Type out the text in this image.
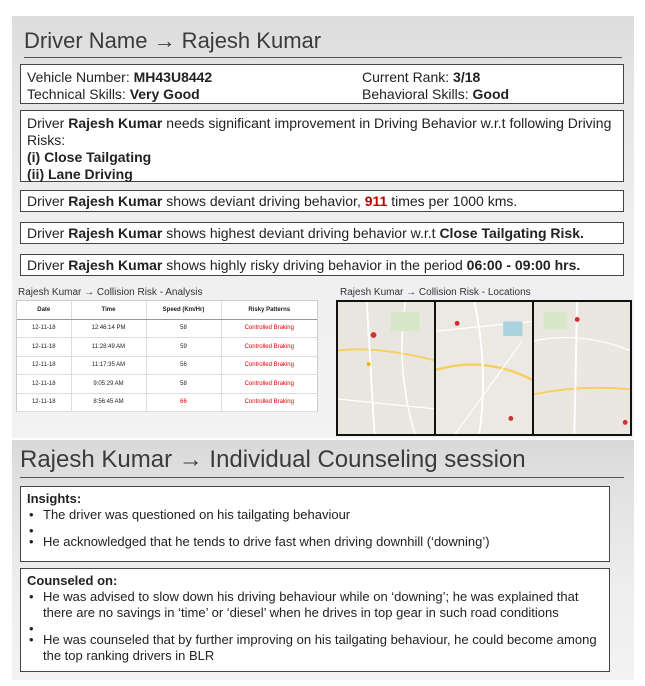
Driver Name → Rajesh Kumar
Vehicle Number: MH43U8442	Current Rank: 3/18
Technical Skills: Very Good	Behavioral Skills: Good
Driver Rajesh Kumar needs significant improvement in Driving Behavior w.r.t following Driving Risks:
(i) Close Tailgating
(ii) Lane Driving
Driver Rajesh Kumar shows deviant driving behavior, 911 times per 1000 kms.
Driver Rajesh Kumar shows highest deviant driving behavior w.r.t Close Tailgating Risk.
Driver Rajesh Kumar shows highly risky driving behavior in the period 06:00 - 09:00 hrs.
Rajesh Kumar → Collision Risk - Analysis	Rajesh Kumar → Collision Risk - Locations
Date	Time	Speed (Km/Hr)	Risky Patterns
12-11-18	12:46:14 PM	58	Controlled Braking
12-11-18	11:28:49 AM	59	Controlled Braking
12-11-18	11:17:35 AM	56	Controlled Braking
12-11-18	9:05:29 AM	58	Controlled Braking
12-11-18	8:56:45 AM	66	Controlled Braking
Rajesh Kumar → Individual Counseling session
Insights:
• The driver was questioned on his tailgating behaviour
•
• He acknowledged that he tends to drive fast when driving downhill (‘downing’)
Counseled on:
• He was advised to slow down his driving behaviour while on ‘downing’; he was explained that there are no savings in ‘time’ or ‘diesel’ when he drives in top gear in such road conditions
•
• He was counseled that by further improving on his tailgating behaviour, he could become among the top ranking drivers in BLR
